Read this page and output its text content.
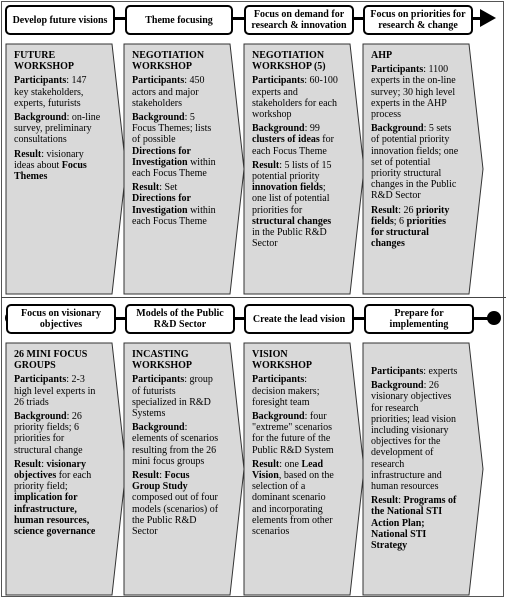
Develop future visions	Theme focusing	Focus on demand for research & innovation
Focus on priorities for research & change
FUTURE WORKSHOP
Participants: 147 key stakeholders, experts, futurists
Background: on-line survey, preliminary consultations
Result: visionary ideas about Focus Themes
NEGOTIATION WORKSHOP
Participants: 450 actors and major stakeholders
Background: 5 Focus Themes; lists of possible Directions for Investigation within each Focus Theme
Result: Set Directions for Investigation within each Focus Theme
NEGOTIATION WORKSHOP (5)
Participants: 60-100 experts and stakeholders for each workshop
Background: 99 clusters of ideas for each Focus Theme
Result: 5 lists of 15 potential priority innovation fields; one list of potential priorities for structural changes in the Public R&D Sector
AHP
Participants: 1100 experts in the on-line survey; 30 high level experts in the AHP process
Background: 5 sets of potential priority innovation fields; one set of potential priority structural changes in the Public R&D Sector
Result: 26 priority fields; 6 priorities for structural changes
Focus on visionary objectives
Models of the Public R&D Sector	Create the lead vision	Prepare for implementing
26 MINI FOCUS GROUPS
Participants: 2-3 high level experts in 26 triads
Background: 26 priority fields; 6 priorities for structural change
Result: visionary objectives for each priority field; implication for infrastructure, human resources, science governance
INCASTING WORKSHOP
Participants: group of futurists specialized in R&D Systems
Background: elements of scenarios resulting from the 26 mini focus groups
Result: Focus Group Study composed out of four models (scenarios) of the Public R&D Sector
VISION WORKSHOP
Participants: decision makers; foresight team
Background: four "extreme" scenarios for the future of the Public R&D System
Result: one Lead Vision, based on the selection of a dominant scenario and incorporating elements from other scenarios
Participants: experts
Background: 26 visionary objectives for research priorities; lead vision including visionary objectives for the development of research infrastructure and human resources
Result: Programs of the National STI Action Plan; National STI Strategy
